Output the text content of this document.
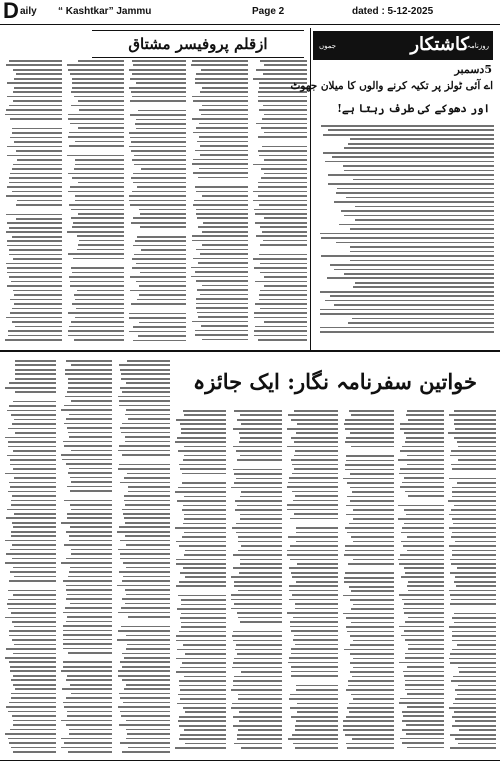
D aily “ Kashtkar” Jammu	Page 2	dated : 5-12-2025
ازقلم پروفیسر مشتاق	کاشتکار
روزنامہ
جموں
5دسمبر
اے آئی ٹولز پر تکیہ کرنے والوں کا میلان جھوٹ
اور دھوکے کی طرف رہتا ہے!
خواتین سفرنامہ نگار: ایک جائزہ
